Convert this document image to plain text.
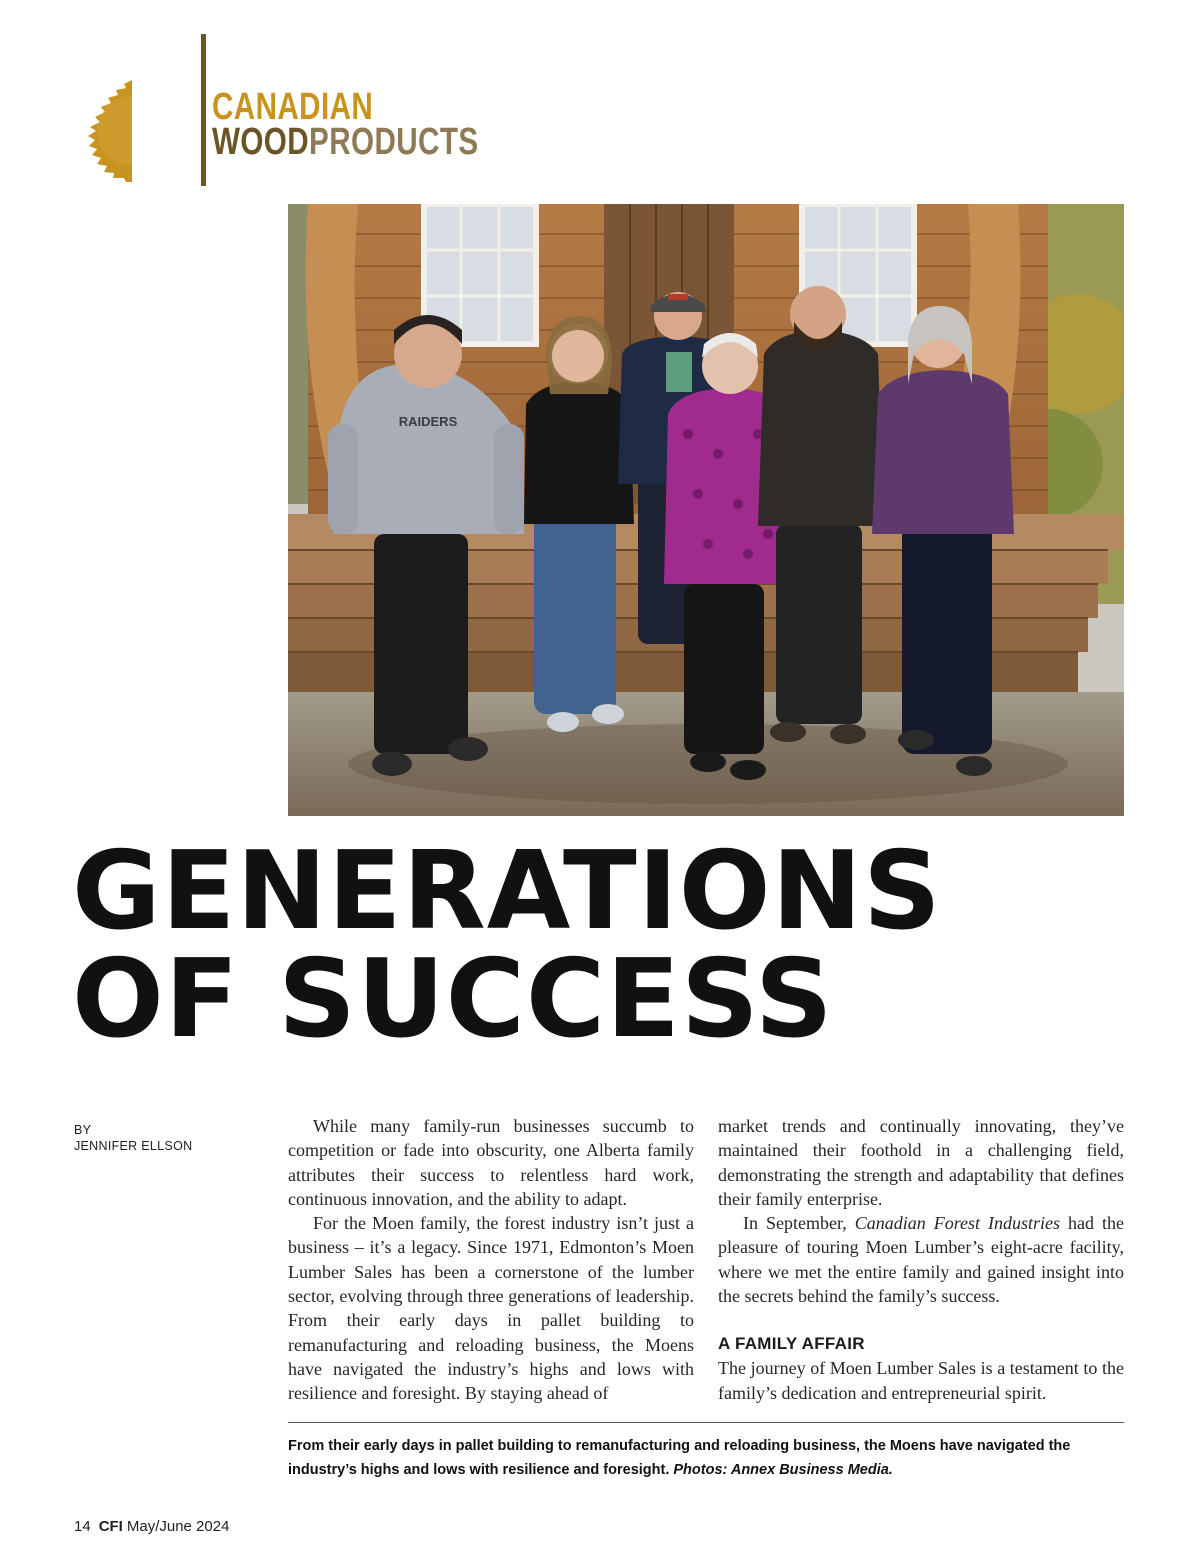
CANADIAN
WOODPRODUCTS
RAIDERS
GENERATIONS
OF SUCCESS
BY
JENNIFER ELLSON

While many family-run businesses succumb to competition or fade into obscurity, one Alberta family attributes their success to relentless hard work, continuous innovation, and the ability to adapt.

For the Moen family, the forest industry isn’t just a business – it’s a legacy. Since 1971, Edmonton’s Moen Lumber Sales has been a cornerstone of the lumber sector, evolving through three generations of leadership. From their early days in pallet building to remanufacturing and reloading business, the Moens have navigated the industry’s highs and lows with resilience and foresight. By staying ahead of

market trends and continually innovating, they’ve maintained their foothold in a challenging field, demonstrating the strength and adaptability that defines their family enterprise.

In September, Canadian Forest Industries had the pleasure of touring Moen Lumber’s eight-acre facility, where we met the entire family and gained insight into the secrets behind the family’s success.

A FAMILY AFFAIR

The journey of Moen Lumber Sales is a testament to the family’s dedication and entrepreneurial spirit.

From their early days in pallet building to remanufacturing and reloading business, the Moens have navigated the industry’s highs and lows with resilience and foresight. Photos: Annex Business Media.
14 CFI May/June 2024
